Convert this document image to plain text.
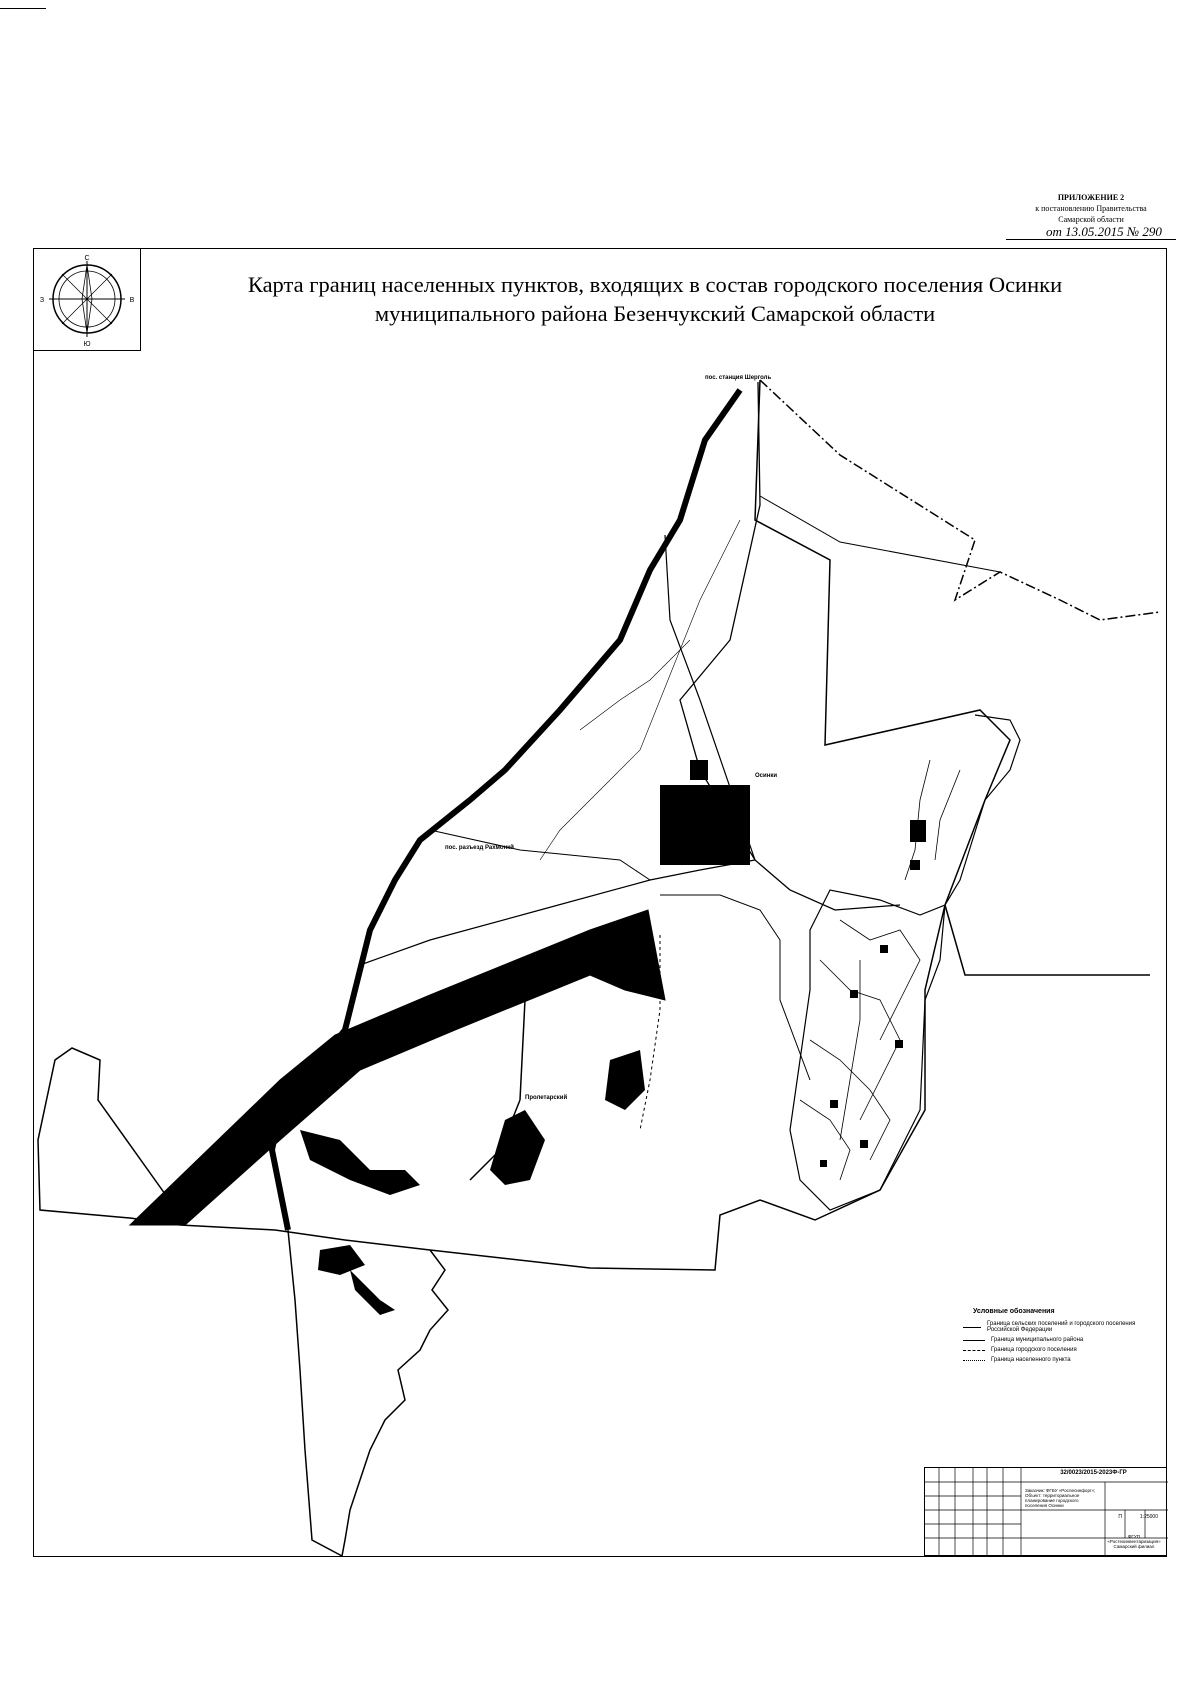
ПРИЛОЖЕНИЕ 2
к постановлению Правительства
Самарской области
от 13.05.2015 № 290
Карта границ населенных пунктов, входящих в состав городского поселения Осинки
муниципального района Безенчукский Самарской области
С
Ю
В
З
Осинки
пос. разъезд Рахмонкй
пос. станция Шерголь
Пролетарский
Условные обозначения
Граница сельских поселений и городского поселения Российской Федерации
Граница муниципального района
Граница городского поселения
Граница населенного пункта
32/0023/2015-2023Ф-ГР
Заказчик: ФГБУ «Рослесинфорг»; Объект: территориальное планирование городского поселения Осинки
П	1:25000
ФГУП «Ростехинвентаризация» Самарский филиал
